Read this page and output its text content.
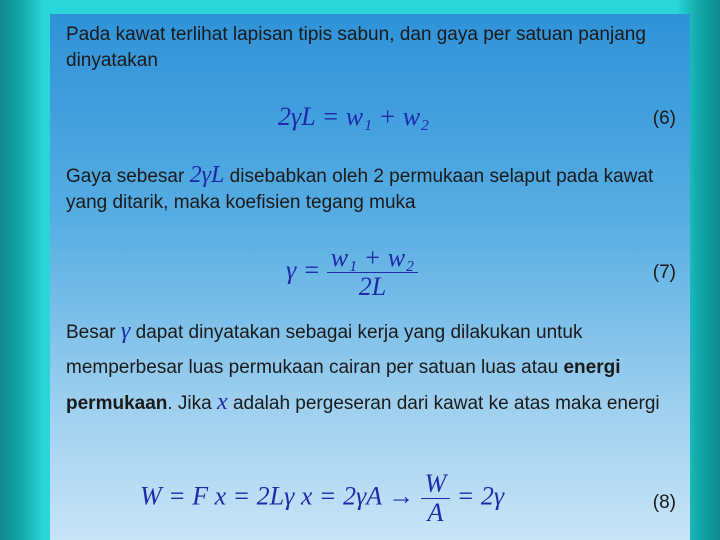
Pada kawat terlihat lapisan tipis sabun, dan gaya per satuan panjang dinyatakan
2γL = w₁ + w₂	(6)
Gaya sebesar 2γL disebabkan oleh 2 permukaan selaput pada kawat yang ditarik, maka koefisien tegang muka
$\gamma = \frac{\text{w₁ + w₂}}{2L}$	(7)
Besar γ dapat dinyatakan sebagai kerja yang dilakukan untuk memperbesar luas permukaan cairan per satuan luas atau energi permukaan. Jika x adalah pergeseran dari kawat ke atas maka energi
W = F x = 2Lγ $x = 2\gamma A \to \frac{W}{A} = 2\gamma$	(8)
